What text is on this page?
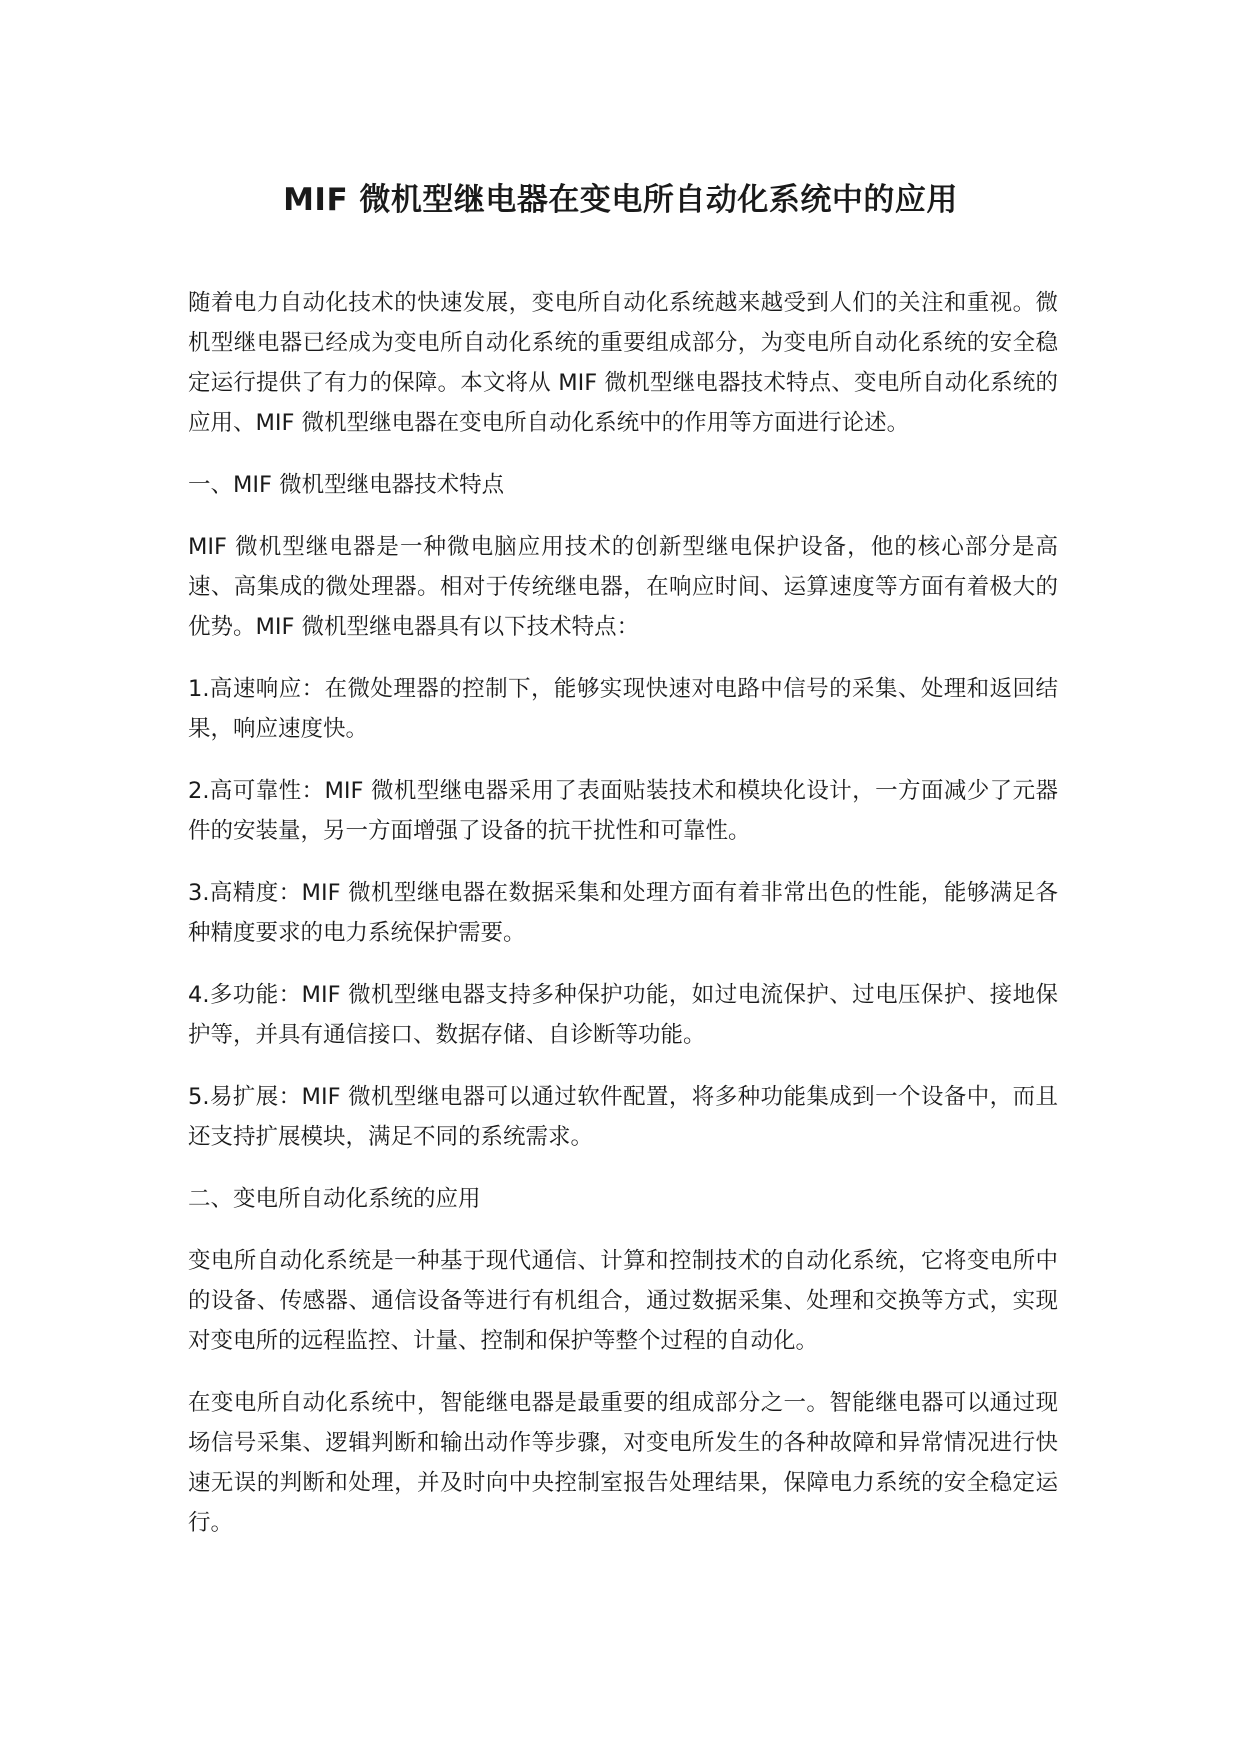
MIF 微机型继电器在变电所自动化系统中的应用

随着电力自动化技术的快速发展，变电所自动化系统越来越受到人们的关注和重视。微机型继电器已经成为变电所自动化系统的重要组成部分，为变电所自动化系统的安全稳定运行提供了有力的保障。本文将从 MIF 微机型继电器技术特点、变电所自动化系统的应用、MIF 微机型继电器在变电所自动化系统中的作用等方面进行论述。

一、MIF 微机型继电器技术特点

MIF 微机型继电器是一种微电脑应用技术的创新型继电保护设备，他的核心部分是高速、高集成的微处理器。相对于传统继电器，在响应时间、运算速度等方面有着极大的优势。MIF 微机型继电器具有以下技术特点：

1.高速响应：在微处理器的控制下，能够实现快速对电路中信号的采集、处理和返回结果，响应速度快。

2.高可靠性：MIF 微机型继电器采用了表面贴装技术和模块化设计，一方面减少了元器件的安装量，另一方面增强了设备的抗干扰性和可靠性。

3.高精度：MIF 微机型继电器在数据采集和处理方面有着非常出色的性能，能够满足各种精度要求的电力系统保护需要。

4.多功能：MIF 微机型继电器支持多种保护功能，如过电流保护、过电压保护、接地保护等，并具有通信接口、数据存储、自诊断等功能。

5.易扩展：MIF 微机型继电器可以通过软件配置，将多种功能集成到一个设备中，而且还支持扩展模块，满足不同的系统需求。

二、变电所自动化系统的应用

变电所自动化系统是一种基于现代通信、计算和控制技术的自动化系统，它将变电所中的设备、传感器、通信设备等进行有机组合，通过数据采集、处理和交换等方式，实现对变电所的远程监控、计量、控制和保护等整个过程的自动化。

在变电所自动化系统中，智能继电器是最重要的组成部分之一。智能继电器可以通过现场信号采集、逻辑判断和输出动作等步骤，对变电所发生的各种故障和异常情况进行快速无误的判断和处理，并及时向中央控制室报告处理结果，保障电力系统的安全稳定运行。
